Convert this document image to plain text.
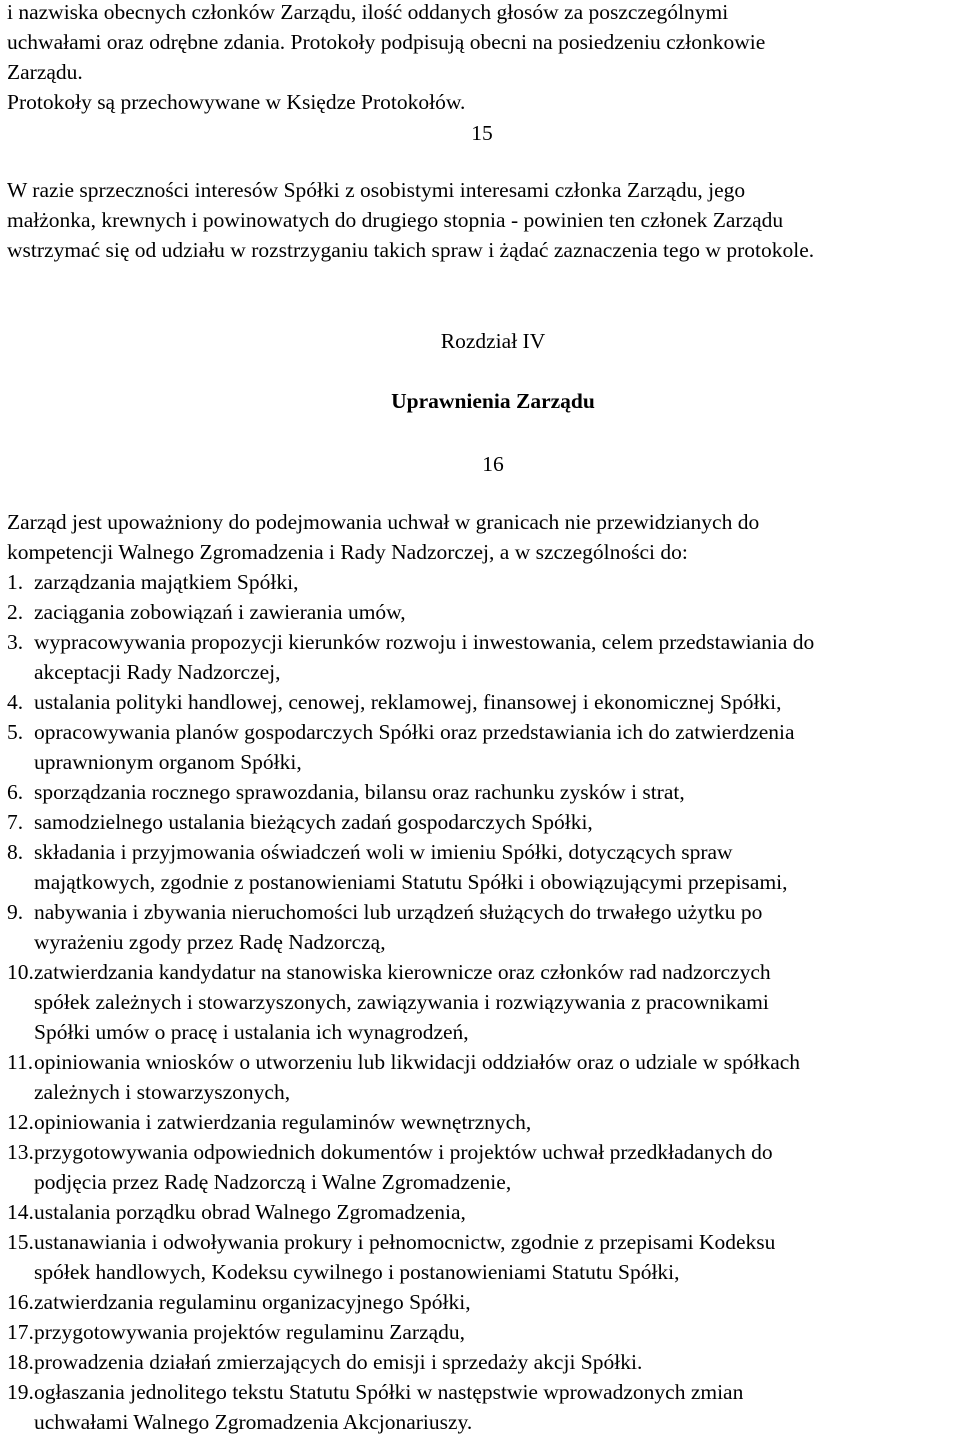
i nazwiska obecnych członków Zarządu, ilość oddanych głosów za poszczególnymi
uchwałami oraz odrębne zdania. Protokoły podpisują obecni na posiedzeniu członkowie
Zarządu.
Protokoły są przechowywane w Księdze Protokołów.
15
W razie sprzeczności interesów Spółki z osobistymi interesami członka Zarządu, jego
małżonka, krewnych i powinowatych do drugiego stopnia - powinien ten członek Zarządu
wstrzymać się od udziału w rozstrzyganiu takich spraw i żądać zaznaczenia tego w protokole.
Rozdział IV
Uprawnienia Zarządu
16
Zarząd jest upoważniony do podejmowania uchwał w granicach nie przewidzianych do
kompetencji Walnego Zgromadzenia i Rady Nadzorczej, a w szczególności do:
1. zarządzania majątkiem Spółki,
2. zaciągania zobowiązań i zawierania umów,
3. wypracowywania propozycji kierunków rozwoju i inwestowania, celem przedstawiania do
akceptacji Rady Nadzorczej,
4. ustalania polityki handlowej, cenowej, reklamowej, finansowej i ekonomicznej Spółki,
5. opracowywania planów gospodarczych Spółki oraz przedstawiania ich do zatwierdzenia
uprawnionym organom Spółki,
6. sporządzania rocznego sprawozdania, bilansu oraz rachunku zysków i strat,
7. samodzielnego ustalania bieżących zadań gospodarczych Spółki,
8. składania i przyjmowania oświadczeń woli w imieniu Spółki, dotyczących spraw
majątkowych, zgodnie z postanowieniami Statutu Spółki i obowiązującymi przepisami,
9. nabywania i zbywania nieruchomości lub urządzeń służących do trwałego użytku po
wyrażeniu zgody przez Radę Nadzorczą,
10. zatwierdzania kandydatur na stanowiska kierownicze oraz członków rad nadzorczych
spółek zależnych i stowarzyszonych, zawiązywania i rozwiązywania z pracownikami
Spółki umów o pracę i ustalania ich wynagrodzeń,
11. opiniowania wniosków o utworzeniu lub likwidacji oddziałów oraz o udziale w spółkach
zależnych i stowarzyszonych,
12. opiniowania i zatwierdzania regulaminów wewnętrznych,
13. przygotowywania odpowiednich dokumentów i projektów uchwał przedkładanych do
podjęcia przez Radę Nadzorczą i Walne Zgromadzenie,
14. ustalania porządku obrad Walnego Zgromadzenia,
15. ustanawiania i odwoływania prokury i pełnomocnictw, zgodnie z przepisami Kodeksu
spółek handlowych, Kodeksu cywilnego i postanowieniami Statutu Spółki,
16. zatwierdzania regulaminu organizacyjnego Spółki,
17. przygotowywania projektów regulaminu Zarządu,
18. prowadzenia działań zmierzających do emisji i sprzedaży akcji Spółki.
19. ogłaszania jednolitego tekstu Statutu Spółki w następstwie wprowadzonych zmian
uchwałami Walnego Zgromadzenia Akcjonariuszy.
